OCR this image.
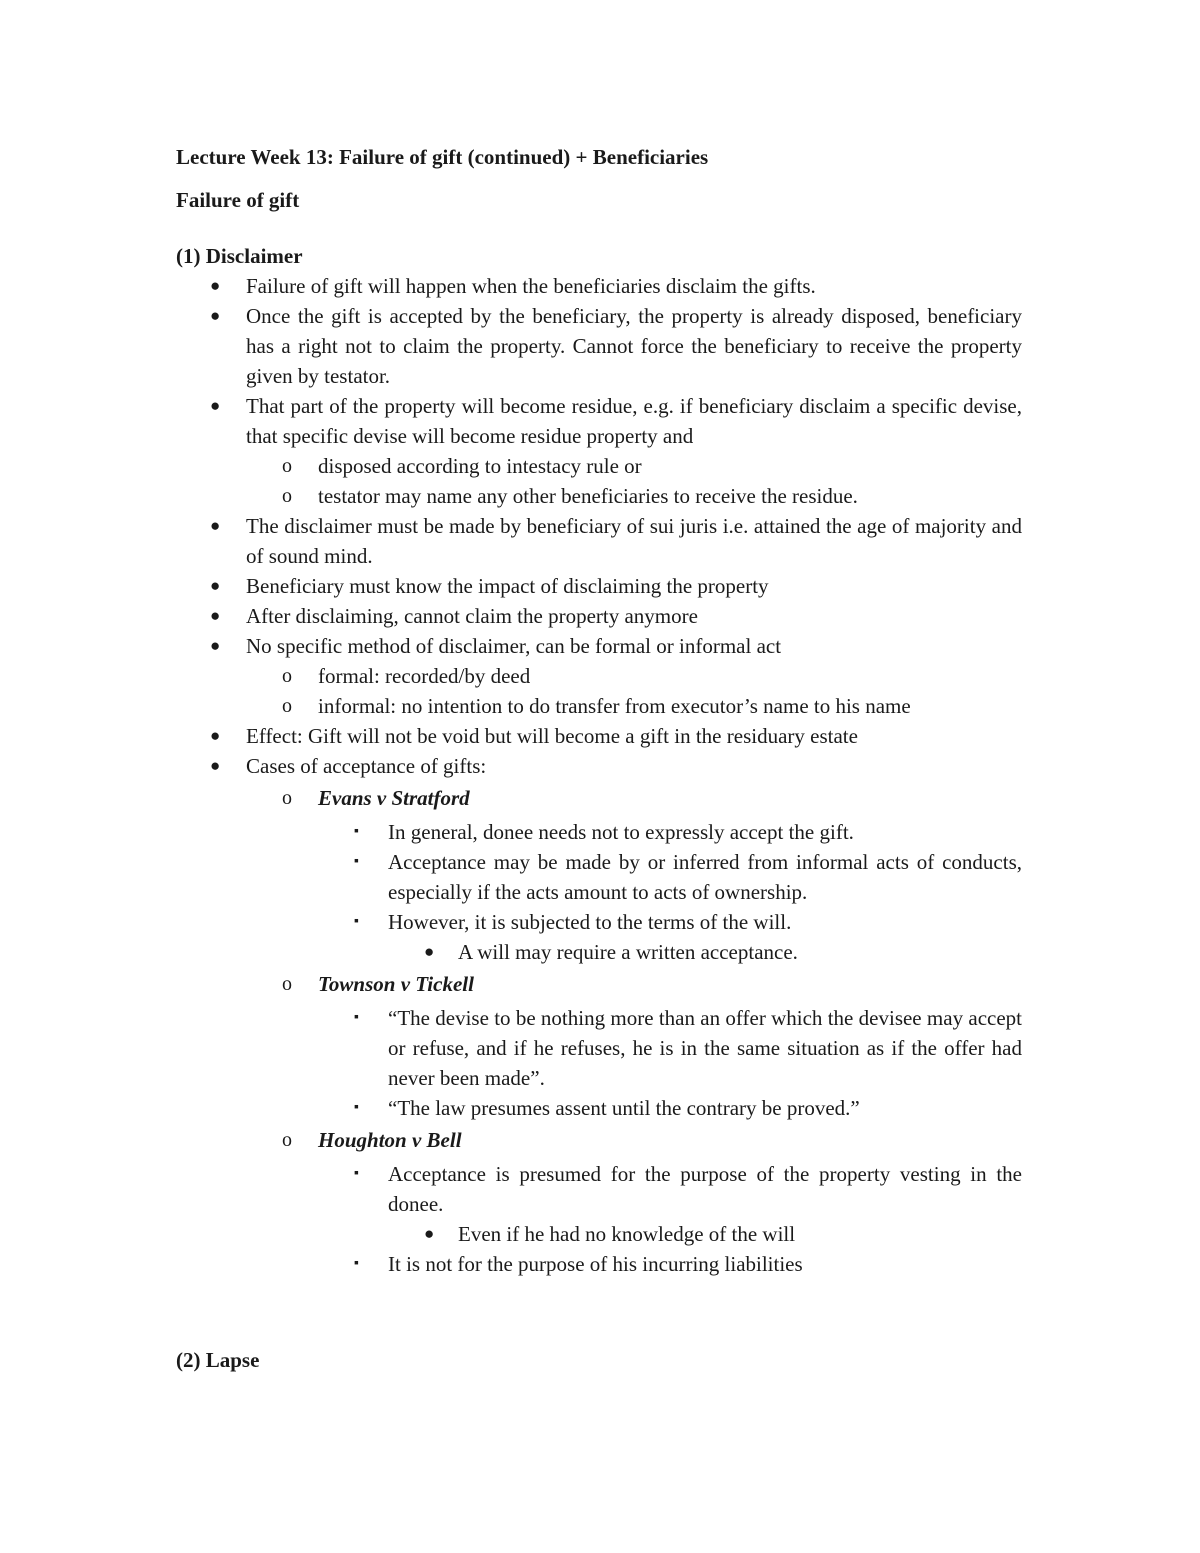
Lecture Week 13: Failure of gift (continued) + Beneficiaries

Failure of gift

(1) Disclaimer

● Failure of gift will happen when the beneficiaries disclaim the gifts.
● Once the gift is accepted by the beneficiary, the property is already disposed, beneficiary has a right not to claim the property. Cannot force the beneficiary to receive the property given by testator.
● That part of the property will become residue, e.g. if beneficiary disclaim a specific devise, that specific devise will become residue property and
o disposed according to intestacy rule or
o testator may name any other beneficiaries to receive the residue.
● The disclaimer must be made by beneficiary of sui juris i.e. attained the age of majority and of sound mind.
● Beneficiary must know the impact of disclaiming the property
● After disclaiming, cannot claim the property anymore
● No specific method of disclaimer, can be formal or informal act
o formal: recorded/by deed
o informal: no intention to do transfer from executor’s name to his name
● Effect: Gift will not be void but will become a gift in the residuary estate
● Cases of acceptance of gifts:
o Evans v Stratford
▪ In general, donee needs not to expressly accept the gift.
▪ Acceptance may be made by or inferred from informal acts of conducts, especially if the acts amount to acts of ownership.
▪ However, it is subjected to the terms of the will.
● A will may require a written acceptance.
o Townson v Tickell
▪ “The devise to be nothing more than an offer which the devisee may accept or refuse, and if he refuses, he is in the same situation as if the offer had never been made”.
▪ “The law presumes assent until the contrary be proved.”
o Houghton v Bell
▪ Acceptance is presumed for the purpose of the property vesting in the donee.
● Even if he had no knowledge of the will
▪ It is not for the purpose of his incurring liabilities

(2) Lapse
